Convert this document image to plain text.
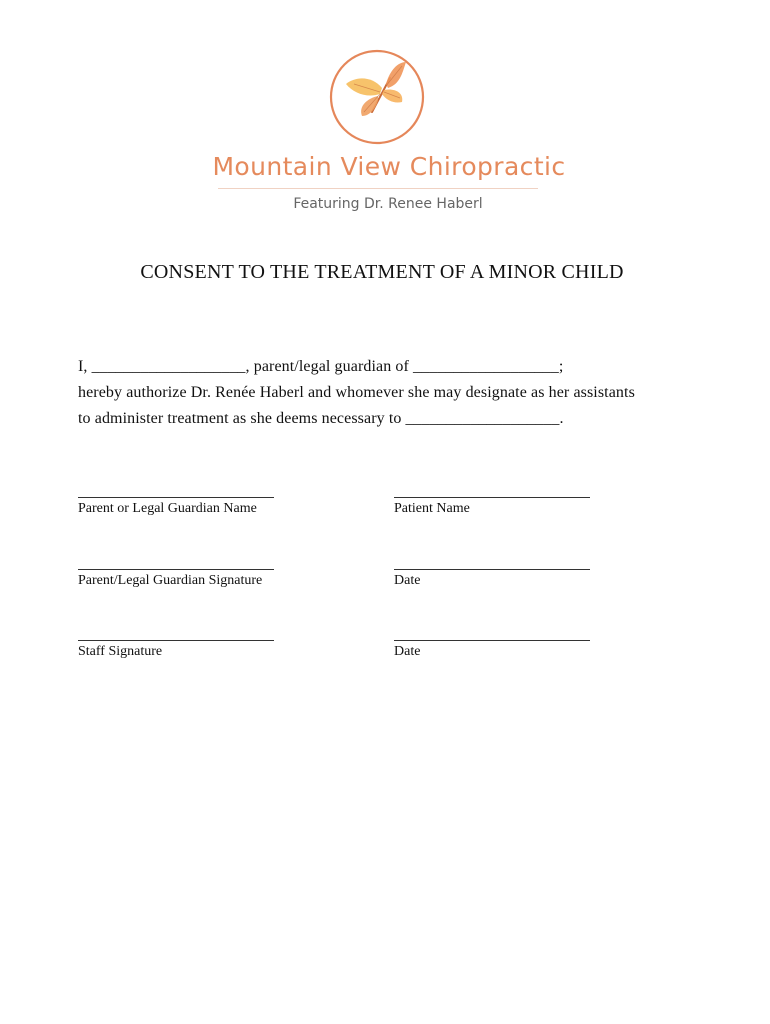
Mountain View Chiropractic
Featuring Dr. Renee Haberl
CONSENT TO THE TREATMENT OF A MINOR CHILD
I, ___________________, parent/legal guardian of __________________;
hereby authorize Dr. Renée Haberl and whomever she may designate as her assistants
to administer treatment as she deems necessary to ___________________.
Parent or Legal Guardian Name	Patient Name
Parent/Legal Guardian Signature	Date
Staff Signature	Date
